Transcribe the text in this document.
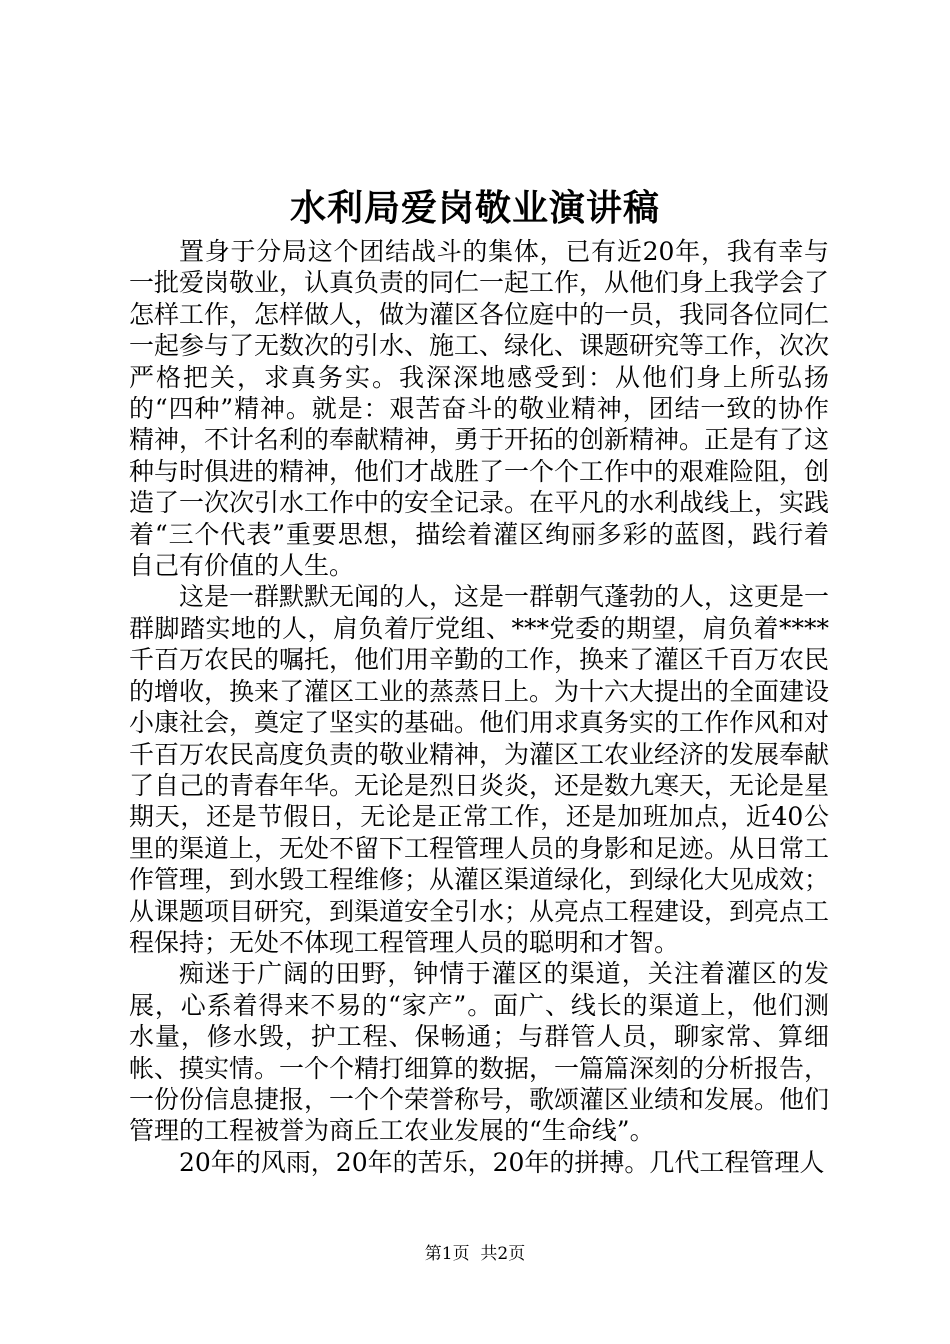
水利局爱岗敬业演讲稿

置身于分局这个团结战斗的集体，已有近20年，我有幸与一批爱岗敬业，认真负责的同仁一起工作，从他们身上我学会了怎样工作，怎样做人，做为灌区各位庭中的一员，我同各位同仁一起参与了无数次的引水、施工、绿化、课题研究等工作，次次严格把关，求真务实。我深深地感受到：从他们身上所弘扬的“四种”精神。就是：艰苦奋斗的敬业精神，团结一致的协作精神，不计名利的奉献精神，勇于开拓的创新精神。正是有了这种与时俱进的精神，他们才战胜了一个个工作中的艰难险阻，创造了一次次引水工作中的安全记录。在平凡的水利战线上，实践着“三个代表”重要思想，描绘着灌区绚丽多彩的蓝图，践行着自己有价值的人生。

这是一群默默无闻的人，这是一群朝气蓬勃的人，这更是一群脚踏实地的人，肩负着厅党组、***党委的期望，肩负着****千百万农民的嘱托，他们用辛勤的工作，换来了灌区千百万农民的增收，换来了灌区工业的蒸蒸日上。为十六大提出的全面建设小康社会，奠定了坚实的基础。他们用求真务实的工作作风和对千百万农民高度负责的敬业精神，为灌区工农业经济的发展奉献了自己的青春年华。无论是烈日炎炎，还是数九寒天，无论是星期天，还是节假日，无论是正常工作，还是加班加点，近40公里的渠道上，无处不留下工程管理人员的身影和足迹。从日常工作管理，到水毁工程维修；从灌区渠道绿化，到绿化大见成效；从课题项目研究，到渠道安全引水；从亮点工程建设，到亮点工程保持；无处不体现工程管理人员的聪明和才智。

痴迷于广阔的田野，钟情于灌区的渠道，关注着灌区的发展，心系着得来不易的“家产”。面广、线长的渠道上，他们测水量，修水毁，护工程、保畅通；与群管人员，聊家常、算细帐、摸实情。一个个精打细算的数据，一篇篇深刻的分析报告，一份份信息捷报，一个个荣誉称号，歌颂灌区业绩和发展。他们管理的工程被誉为商丘工农业发展的“生命线”。

20年的风雨，20年的苦乐，20年的拼搏。几代工程管理人

第1页 共2页
